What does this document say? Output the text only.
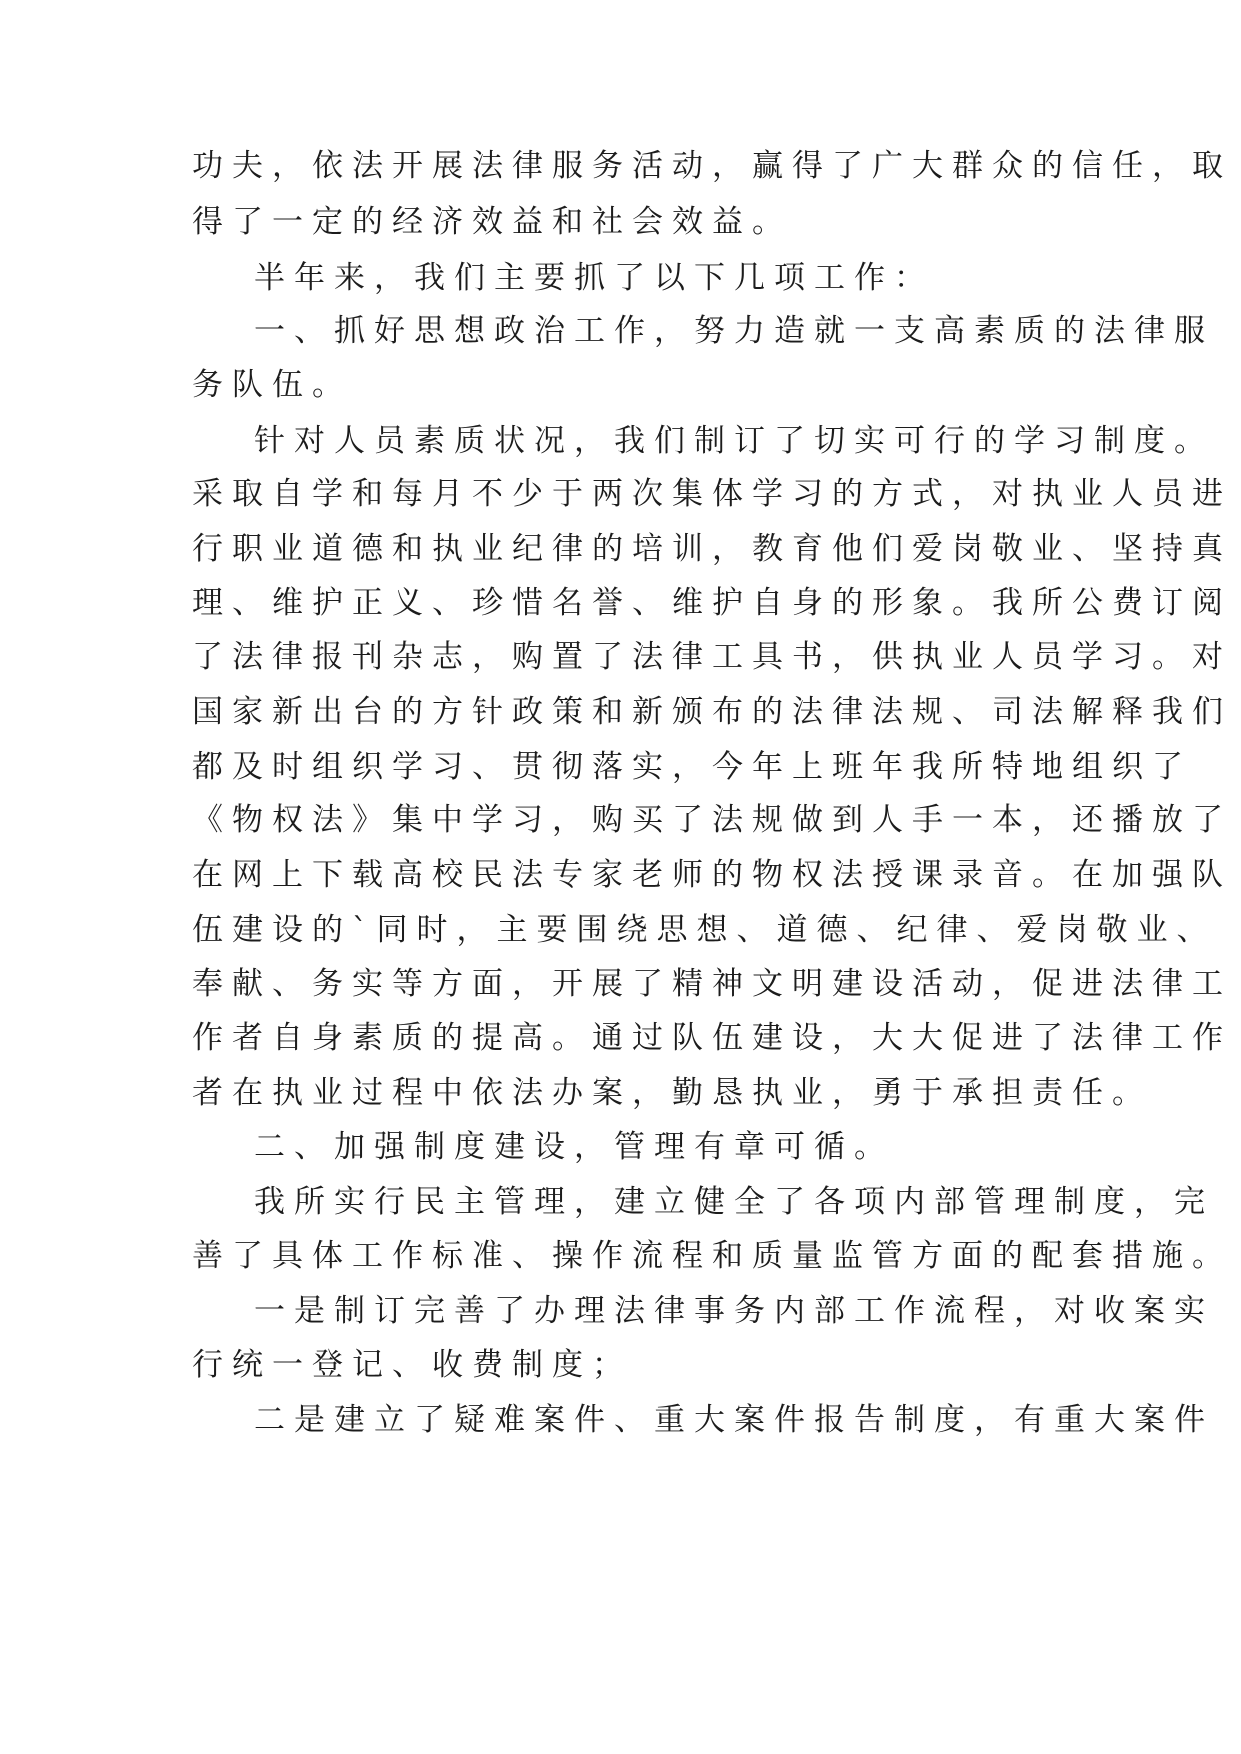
功夫，依法开展法律服务活动，赢得了广大群众的信任，取
得了一定的经济效益和社会效益。
半年来，我们主要抓了以下几项工作：
一、抓好思想政治工作，努力造就一支高素质的法律服
务队伍。
针对人员素质状况，我们制订了切实可行的学习制度。
采取自学和每月不少于两次集体学习的方式，对执业人员进
行职业道德和执业纪律的培训，教育他们爱岗敬业、坚持真
理、维护正义、珍惜名誉、维护自身的形象。我所公费订阅
了法律报刊杂志，购置了法律工具书，供执业人员学习。对
国家新出台的方针政策和新颁布的法律法规、司法解释我们
都及时组织学习、贯彻落实，今年上班年我所特地组织了
《物权法》集中学习，购买了法规做到人手一本，还播放了
在网上下载高校民法专家老师的物权法授课录音。在加强队
伍建设的`同时，主要围绕思想、道德、纪律、爱岗敬业、
奉献、务实等方面，开展了精神文明建设活动，促进法律工
作者自身素质的提高。通过队伍建设，大大促进了法律工作
者在执业过程中依法办案，勤恳执业，勇于承担责任。
二、加强制度建设，管理有章可循。
我所实行民主管理，建立健全了各项内部管理制度，完
善了具体工作标准、操作流程和质量监管方面的配套措施。
一是制订完善了办理法律事务内部工作流程，对收案实
行统一登记、收费制度；
二是建立了疑难案件、重大案件报告制度，有重大案件
